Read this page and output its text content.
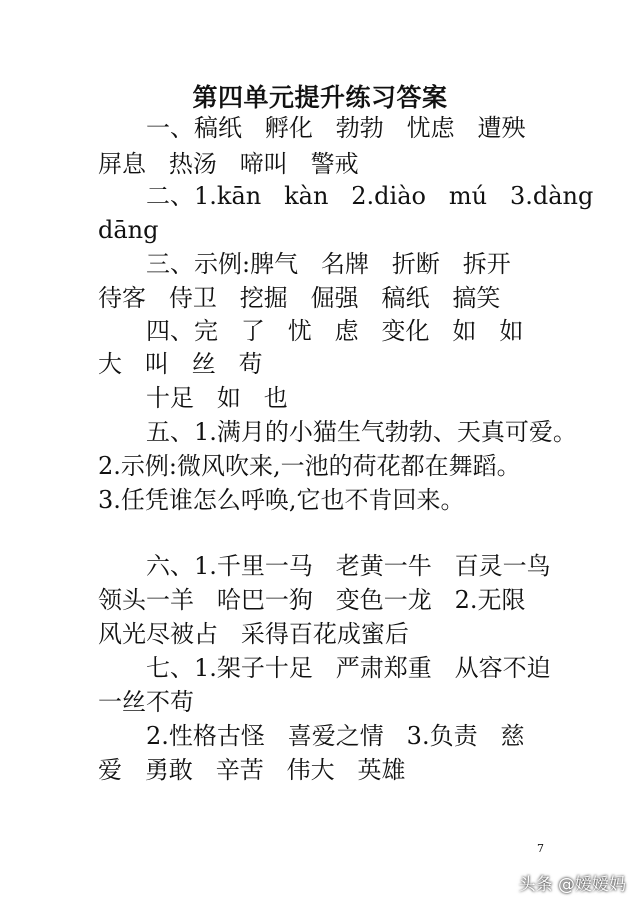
第四单元提升练习答案
一、稿纸   孵化   勃勃   忧虑   遭殃
屏息   热汤   啼叫   警戒
二、1.kān   kàn   2.diào   mú   3.dàng
dāng
三、示例:脾气   名牌   折断   拆开
待客   侍卫   挖掘   倔强   稿纸   搞笑
四、完   了   忧   虑   变化   如   如
大   叫   丝   苟
十足   如   也
五、1.满月的小猫生气勃勃、天真可爱。
2.示例:微风吹来,一池的荷花都在舞蹈。
3.任凭谁怎么呼唤,它也不肯回来。
六、1.千里一马   老黄一牛   百灵一鸟
领头一羊   哈巴一狗   变色一龙   2.无限
风光尽被占   采得百花成蜜后
七、1.架子十足   严肃郑重   从容不迫
一丝不苟
2.性格古怪   喜爱之情   3.负责   慈
爱   勇敢   辛苦   伟大   英雄
7
头条 @嫒嫒妈
